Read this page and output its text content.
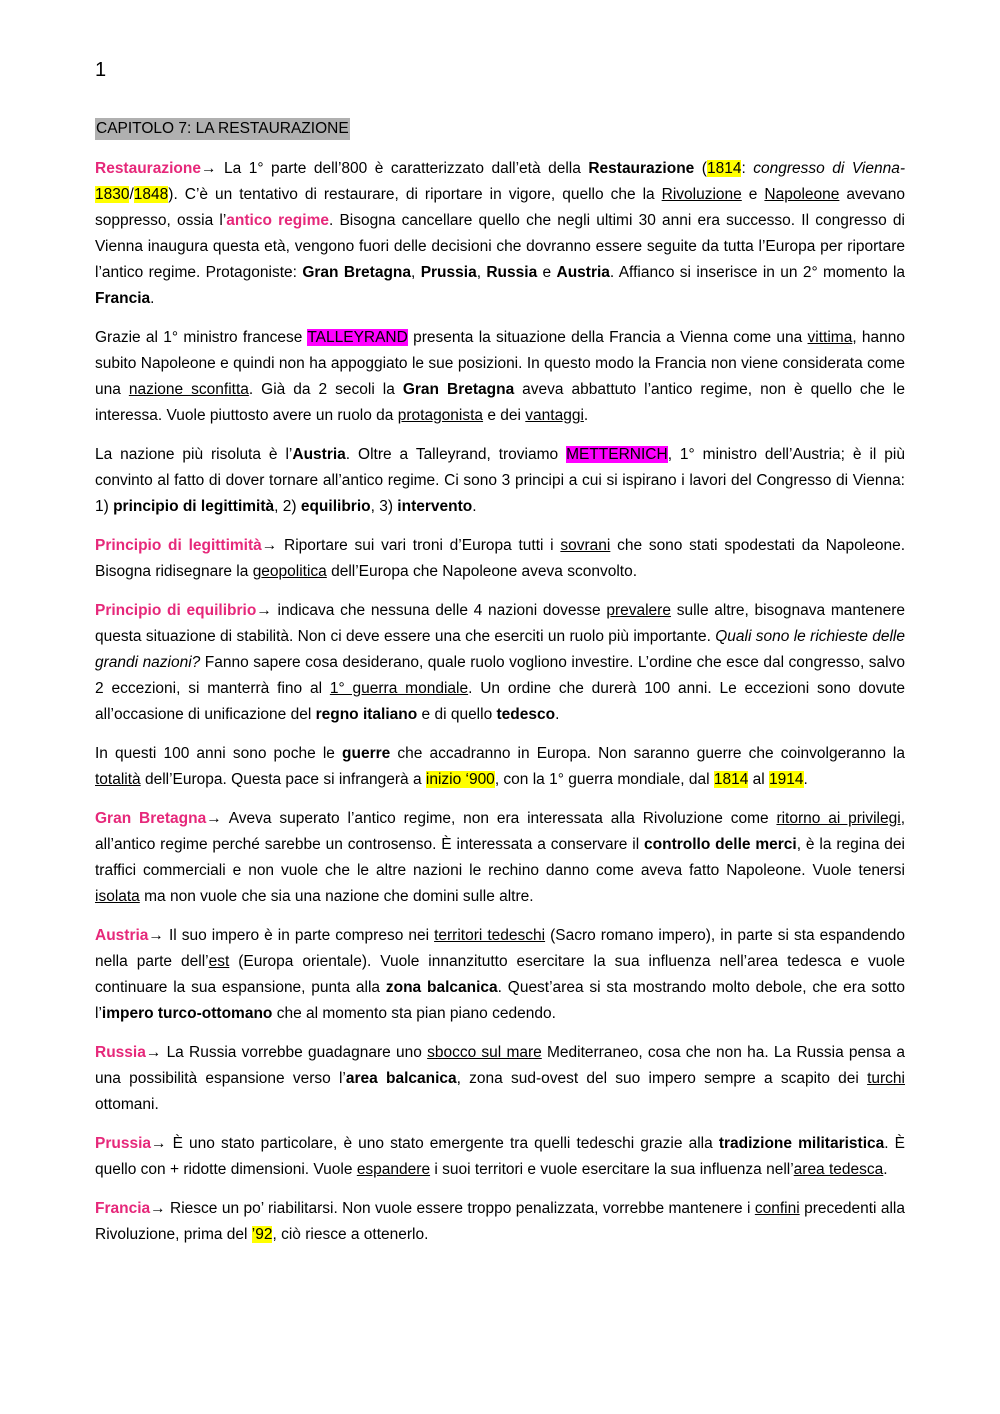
1
CAPITOLO 7: LA RESTAURAZIONE

Restaurazione→ La 1° parte dell’800 è caratterizzato dall’età della Restaurazione (1814: congresso di Vienna- 1830/1848). C’è un tentativo di restaurare, di riportare in vigore, quello che la Rivoluzione e Napoleone avevano soppresso, ossia l’antico regime. Bisogna cancellare quello che negli ultimi 30 anni era successo. Il congresso di Vienna inaugura questa età, vengono fuori delle decisioni che dovranno essere seguite da tutta l’Europa per riportare l’antico regime. Protagoniste: Gran Bretagna, Prussia, Russia e Austria. Affianco si inserisce in un 2° momento la Francia.

Grazie al 1° ministro francese TALLEYRAND presenta la situazione della Francia a Vienna come una vittima, hanno subito Napoleone e quindi non ha appoggiato le sue posizioni. In questo modo la Francia non viene considerata come una nazione sconfitta. Già da 2 secoli la Gran Bretagna aveva abbattuto l’antico regime, non è quello che le interessa. Vuole piuttosto avere un ruolo da protagonista e dei vantaggi.

La nazione più risoluta è l’Austria. Oltre a Talleyrand, troviamo METTERNICH, 1° ministro dell’Austria; è il più convinto al fatto di dover tornare all’antico regime. Ci sono 3 principi a cui si ispirano i lavori del Congresso di Vienna: 1) principio di legittimità, 2) equilibrio, 3) intervento.

Principio di legittimità→ Riportare sui vari troni d’Europa tutti i sovrani che sono stati spodestati da Napoleone. Bisogna ridisegnare la geopolitica dell’Europa che Napoleone aveva sconvolto.

Principio di equilibrio→ indicava che nessuna delle 4 nazioni dovesse prevalere sulle altre, bisognava mantenere questa situazione di stabilità. Non ci deve essere una che eserciti un ruolo più importante. Quali sono le richieste delle grandi nazioni? Fanno sapere cosa desiderano, quale ruolo vogliono investire. L’ordine che esce dal congresso, salvo 2 eccezioni, si manterrà fino al 1° guerra mondiale. Un ordine che durerà 100 anni. Le eccezioni sono dovute all’occasione di unificazione del regno italiano e di quello tedesco.

In questi 100 anni sono poche le guerre che accadranno in Europa. Non saranno guerre che coinvolgeranno la totalità dell’Europa. Questa pace si infrangerà a inizio ‘900, con la 1° guerra mondiale, dal 1814 al 1914.

Gran Bretagna→ Aveva superato l’antico regime, non era interessata alla Rivoluzione come ritorno ai privilegi, all’antico regime perché sarebbe un controsenso. È interessata a conservare il controllo delle merci, è la regina dei traffici commerciali e non vuole che le altre nazioni le rechino danno come aveva fatto Napoleone. Vuole tenersi isolata ma non vuole che sia una nazione che domini sulle altre.

Austria→ Il suo impero è in parte compreso nei territori tedeschi (Sacro romano impero), in parte si sta espandendo nella parte dell’est (Europa orientale). Vuole innanzitutto esercitare la sua influenza nell’area tedesca e vuole continuare la sua espansione, punta alla zona balcanica. Quest’area si sta mostrando molto debole, che era sotto l’impero turco-ottomano che al momento sta pian piano cedendo.

Russia→ La Russia vorrebbe guadagnare uno sbocco sul mare Mediterraneo, cosa che non ha. La Russia pensa a una possibilità espansione verso l’area balcanica, zona sud-ovest del suo impero sempre a scapito dei turchi ottomani.

Prussia→ È uno stato particolare, è uno stato emergente tra quelli tedeschi grazie alla tradizione militaristica. È quello con + ridotte dimensioni. Vuole espandere i suoi territori e vuole esercitare la sua influenza nell’area tedesca.

Francia→ Riesce un po’ riabilitarsi. Non vuole essere troppo penalizzata, vorrebbe mantenere i confini precedenti alla Rivoluzione, prima del ’92, ciò riesce a ottenerlo.
